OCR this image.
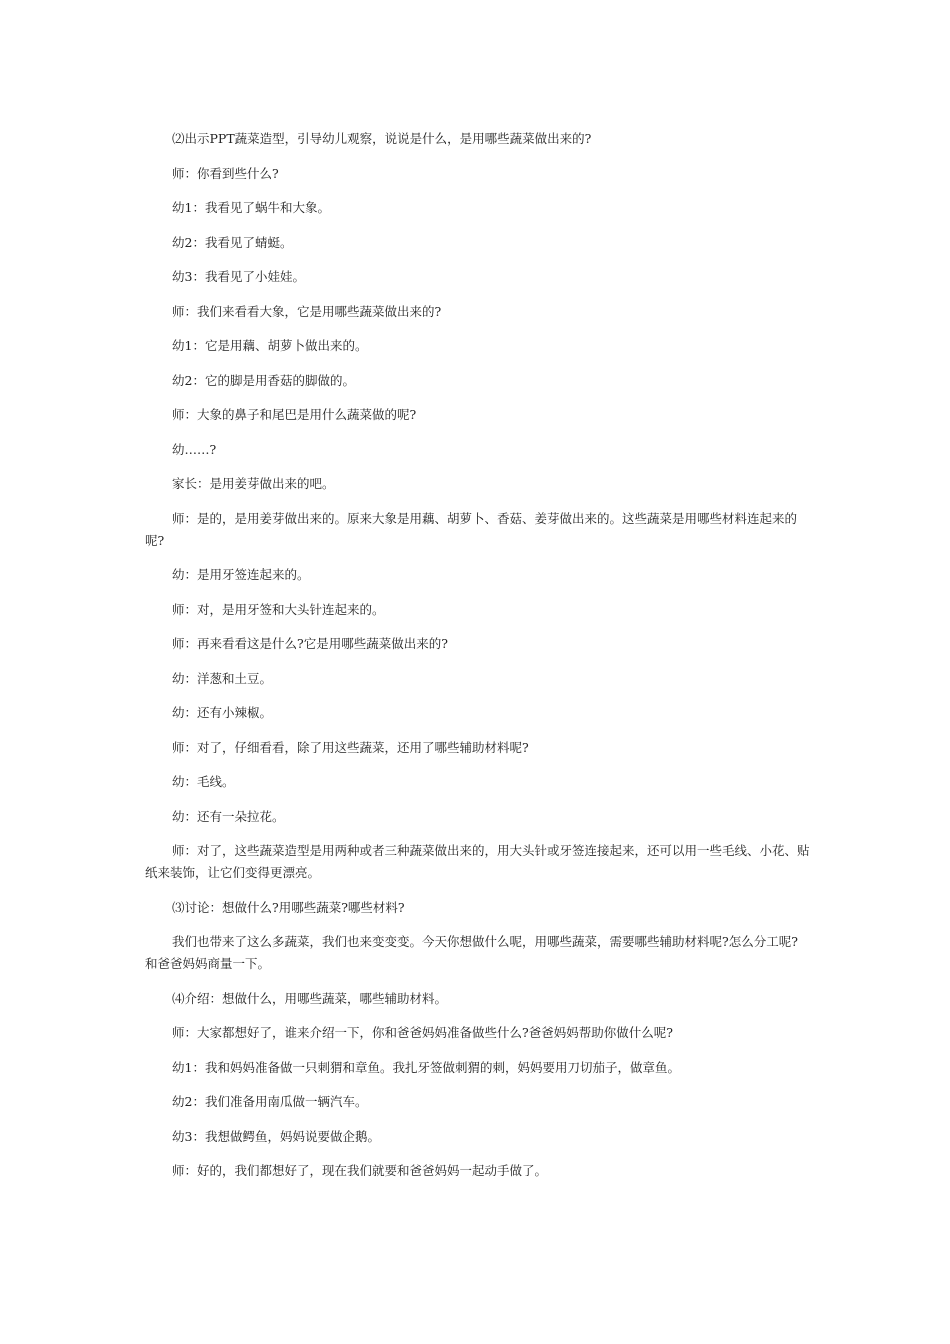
⑵出示PPT蔬菜造型，引导幼儿观察，说说是什么，是用哪些蔬菜做出来的?

师：你看到些什么?

幼1：我看见了蜗牛和大象。

幼2：我看见了蜻蜓。

幼3：我看见了小娃娃。

师：我们来看看大象，它是用哪些蔬菜做出来的?

幼1：它是用藕、胡萝卜做出来的。

幼2：它的脚是用香菇的脚做的。

师：大象的鼻子和尾巴是用什么蔬菜做的呢?

幼……?

家长：是用姜芽做出来的吧。

师：是的，是用姜芽做出来的。原来大象是用藕、胡萝卜、香菇、姜芽做出来的。这些蔬菜是用哪些材料连起来的呢?

幼：是用牙签连起来的。

师：对，是用牙签和大头针连起来的。

师：再来看看这是什么?它是用哪些蔬菜做出来的?

幼：洋葱和土豆。

幼：还有小辣椒。

师：对了，仔细看看，除了用这些蔬菜，还用了哪些辅助材料呢?

幼：毛线。

幼：还有一朵拉花。

师：对了，这些蔬菜造型是用两种或者三种蔬菜做出来的，用大头针或牙签连接起来，还可以用一些毛线、小花、贴纸来装饰，让它们变得更漂亮。

⑶讨论：想做什么?用哪些蔬菜?哪些材料?

我们也带来了这么多蔬菜，我们也来变变变。今天你想做什么呢，用哪些蔬菜，需要哪些辅助材料呢?怎么分工呢?和爸爸妈妈商量一下。

⑷介绍：想做什么，用哪些蔬菜，哪些辅助材料。

师：大家都想好了，谁来介绍一下，你和爸爸妈妈准备做些什么?爸爸妈妈帮助你做什么呢?

幼1：我和妈妈准备做一只刺猬和章鱼。我扎牙签做刺猬的刺，妈妈要用刀切茄子，做章鱼。

幼2：我们准备用南瓜做一辆汽车。

幼3：我想做鳄鱼，妈妈说要做企鹅。

师：好的，我们都想好了，现在我们就要和爸爸妈妈一起动手做了。
